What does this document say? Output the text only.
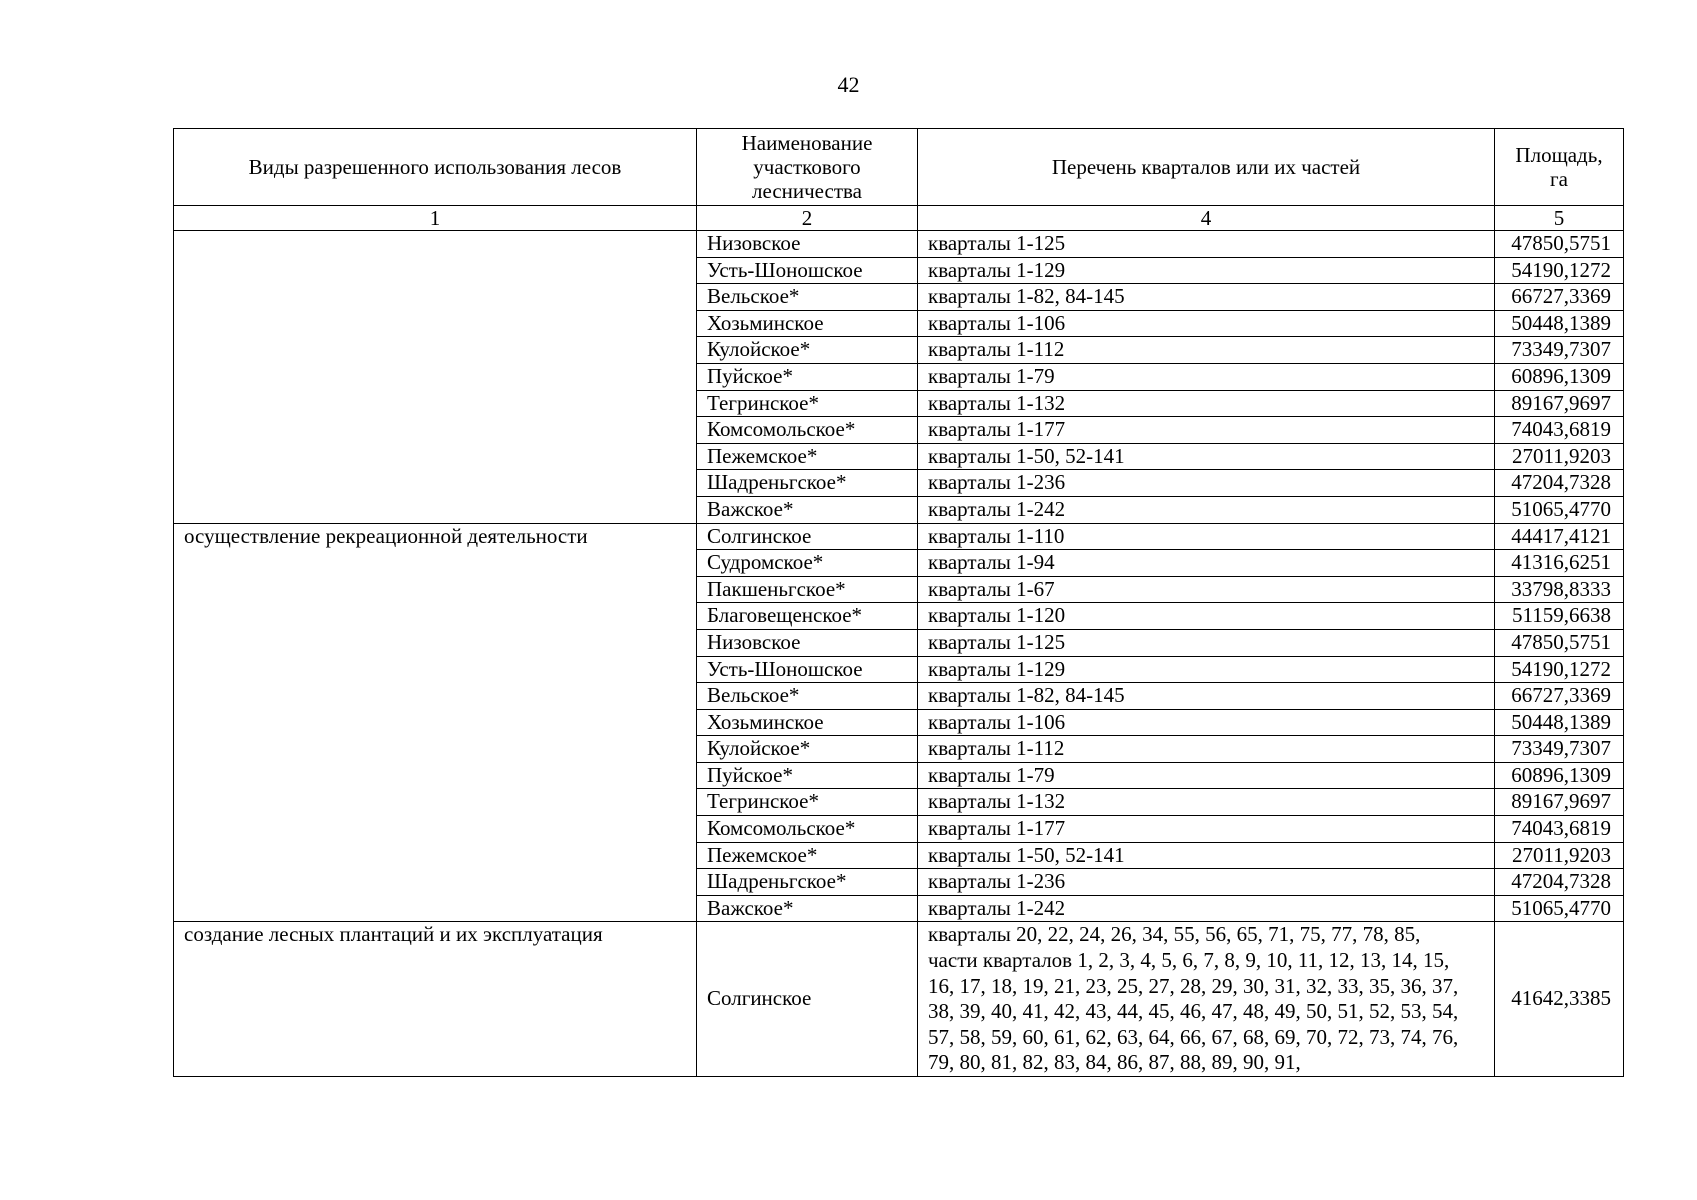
42
Виды разрешенного использования лесов	Наименование участкового лесничества	Перечень кварталов или их частей	Площадь, га
1	2	4	5
	Низовское	кварталы 1-125	47850,5751
	Усть-Шоношское	кварталы 1-129	54190,1272
	Вельское*	кварталы 1-82, 84-145	66727,3369
	Хозьминское	кварталы 1-106	50448,1389
	Кулойское*	кварталы 1-112	73349,7307
	Пуйское*	кварталы 1-79	60896,1309
	Тегринское*	кварталы 1-132	89167,9697
	Комсомольское*	кварталы 1-177	74043,6819
	Пежемское*	кварталы 1-50, 52-141	27011,9203
	Шадреньгское*	кварталы 1-236	47204,7328
	Важское*	кварталы 1-242	51065,4770
осуществление рекреационной деятельности	Солгинское	кварталы 1-110	44417,4121
	Судромское*	кварталы 1-94	41316,6251
	Пакшеньгское*	кварталы 1-67	33798,8333
	Благовещенское*	кварталы 1-120	51159,6638
	Низовское	кварталы 1-125	47850,5751
	Усть-Шоношское	кварталы 1-129	54190,1272
	Вельское*	кварталы 1-82, 84-145	66727,3369
	Хозьминское	кварталы 1-106	50448,1389
	Кулойское*	кварталы 1-112	73349,7307
	Пуйское*	кварталы 1-79	60896,1309
	Тегринское*	кварталы 1-132	89167,9697
	Комсомольское*	кварталы 1-177	74043,6819
	Пежемское*	кварталы 1-50, 52-141	27011,9203
	Шадреньгское*	кварталы 1-236	47204,7328
	Важское*	кварталы 1-242	51065,4770
создание лесных плантаций и их эксплуатация	Солгинское	кварталы 20, 22, 24, 26, 34, 55, 56, 65, 71, 75, 77, 78, 85, части кварталов 1, 2, 3, 4, 5, 6, 7, 8, 9, 10, 11, 12, 13, 14, 15, 16, 17, 18, 19, 21, 23, 25, 27, 28, 29, 30, 31, 32, 33, 35, 36, 37, 38, 39, 40, 41, 42, 43, 44, 45, 46, 47, 48, 49, 50, 51, 52, 53, 54, 57, 58, 59, 60, 61, 62, 63, 64, 66, 67, 68, 69, 70, 72, 73, 74, 76, 79, 80, 81, 82, 83, 84, 86, 87, 88, 89, 90, 91,	41642,3385
